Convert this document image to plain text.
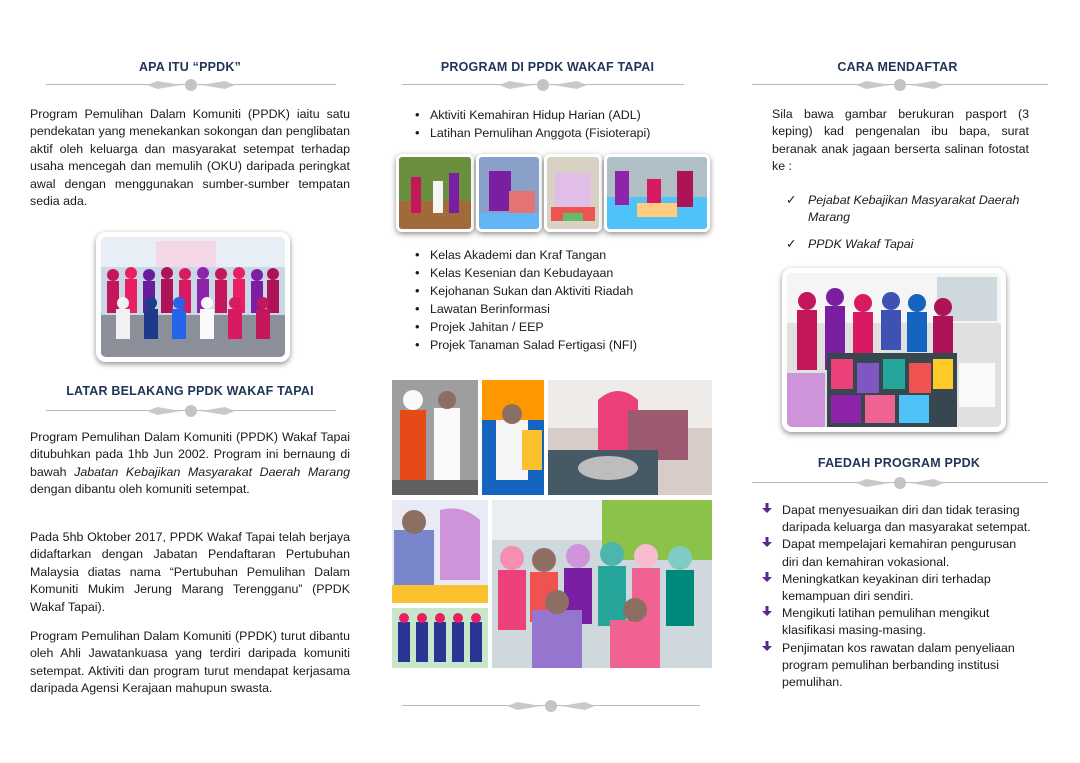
APA ITU “PPDK”

Program Pemulihan Dalam Komuniti (PPDK) iaitu satu pendekatan yang menekankan sokongan dan penglibatan aktif oleh keluarga dan masyarakat setempat terhadap usaha mencegah dan memulih (OKU) daripada peringkat awal dengan menggunakan sumber-sumber tempatan sedia ada.

LATAR BELAKANG PPDK WAKAF TAPAI

Program Pemulihan Dalam Komuniti (PPDK) Wakaf Tapai ditubuhkan pada 1hb Jun 2002. Program ini bernaung di bawah Jabatan Kebajikan Masyarakat Daerah Marang dengan dibantu oleh komuniti setempat.

Pada 5hb Oktober 2017, PPDK Wakaf Tapai telah berjaya didaftarkan dengan Jabatan Pendaftaran Pertubuhan Malaysia diatas nama “Pertubuhan Pemulihan Dalam Komuniti Mukim Jerung Marang Terengganu” (PPDK Wakaf Tapai).

Program Pemulihan Dalam Komuniti (PPDK) turut dibantu oleh Ahli Jawatankuasa yang terdiri daripada komuniti setempat. Aktiviti dan program turut mendapat kerjasama daripada Agensi Kerajaan mahupun swasta.

PROGRAM DI PPDK WAKAF TAPAI
• Aktiviti Kemahiran Hidup Harian (ADL)
• Latihan Pemulihan Anggota (Fisioterapi)
• Kelas Akademi dan Kraf Tangan
• Kelas Kesenian dan Kebudayaan
• Kejohanan Sukan dan Aktiviti Riadah
• Lawatan Berinformasi
• Projek Jahitan / EEP
• Projek Tanaman Salad Fertigasi (NFI)
CARA MENDAFTAR

Sila bawa gambar berukuran pasport (3 keping) kad pengenalan ibu bapa, surat beranak anak jagaan berserta salinan fotostat ke :

✓ Pejabat Kebajikan Masyarakat Daerah Marang
✓ PPDK Wakaf Tapai
FAEDAH PROGRAM PPDK
Dapat menyesuaikan diri dan tidak terasing daripada keluarga dan masyarakat setempat.
Dapat mempelajari kemahiran pengurusan diri dan kemahiran vokasional.
Meningkatkan keyakinan diri terhadap kemampuan diri sendiri.
Mengikuti latihan pemulihan mengikut klasifikasi masing-masing.
Penjimatan kos rawatan dalam penyeliaan program pemulihan berbanding institusi pemulihan.
